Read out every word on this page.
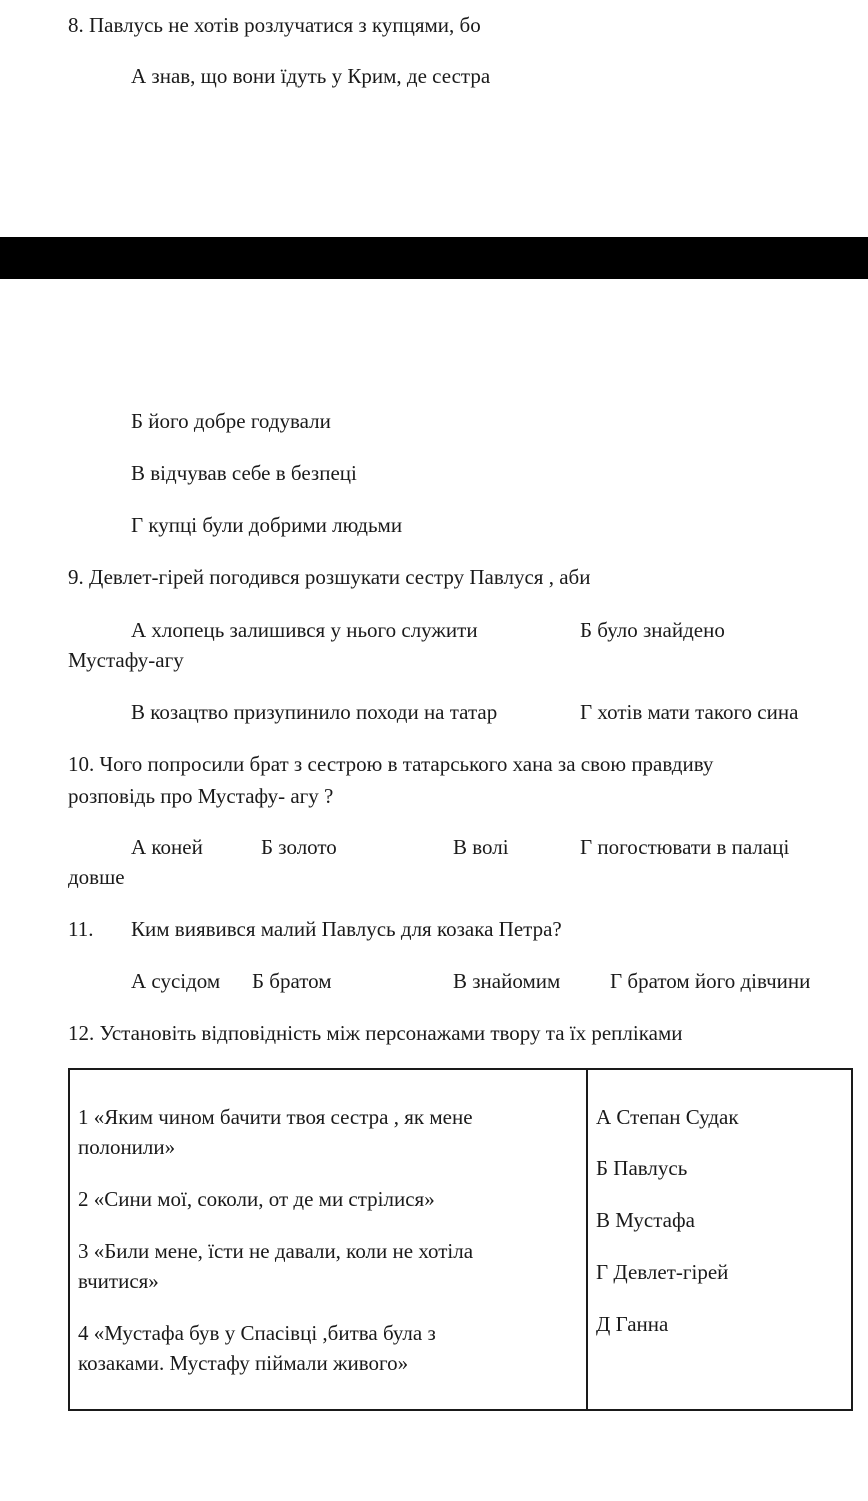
8. Павлусь не хотів розлучатися з купцями, бо
А знав, що вони їдуть у Крим, де сестра
Б його добре годували
В відчував себе в безпеці
Г купці були добрими людьми
9. Девлет-гірей погодився розшукати сестру Павлуся , аби
А хлопець залишився у нього служити	Б було знайдено
Мустафу-агу
В козацтво призупинило походи на татар	Г хотів мати такого сина
10. Чого попросили брат з сестрою в татарського хана за свою правдиву
розповідь про Мустафу- агу ?
А коней	Б золото	В волі	Г погостювати в палаці
довше
11. Ким виявився малий Павлусь для козака Петра?
А сусідом Б братом	В знайомим Г братом його дівчини
12. Установіть відповідність між персонажами твору та їх репліками
1 «Яким чином бачити твоя сестра , як мене
полонили»
2 «Сини мої, соколи, от де ми стрілися»
3 «Били мене, їсти не давали, коли не хотіла
вчитися»
4 «Мустафа був у Спасівці ,битва була з
козаками. Мустафу піймали живого»
А Степан Судак
Б Павлусь
В Мустафа
Г Девлет-гірей
Д Ганна
